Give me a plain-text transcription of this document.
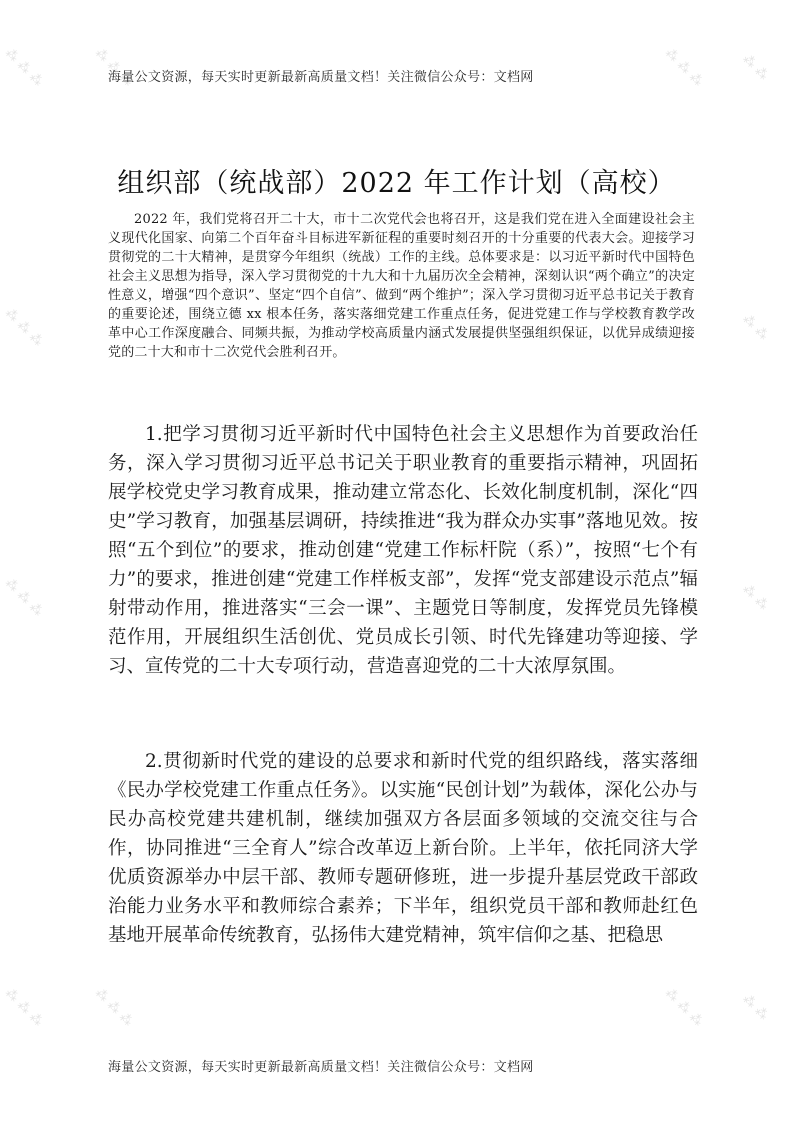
⁂ ⁂ ⁂	⁂ ⁂ ⁂	⁂ ⁂ ⁂	⁂ ⁂
⁂ ⁂ ⁂	⁂ ⁂
⁂ ⁂ ⁂	⁂ ⁂
⁂ ⁂ ⁂	⁂ ⁂ ⁂	⁂ ⁂ ⁂	⁂ ⁂
海量公文资源，每天实时更新最新高质量文档！关注微信公众号：文档网
组织部（统战部）2022 年工作计划（高校）

2022 年，我们党将召开二十大，市十二次党代会也将召开，这是我们党在进入全面建设社会主义现代化国家、向第二个百年奋斗目标进军新征程的重要时刻召开的十分重要的代表大会。迎接学习贯彻党的二十大精神，是贯穿今年组织（统战）工作的主线。总体要求是：以习近平新时代中国特色社会主义思想为指导，深入学习贯彻党的十九大和十九届历次全会精神，深刻认识“两个确立”的决定性意义，增强“四个意识”、坚定“四个自信”、做到“两个维护”；深入学习贯彻习近平总书记关于教育的重要论述，围绕立德 xx 根本任务，落实落细党建工作重点任务，促进党建工作与学校教育教学改革中心工作深度融合、同频共振，为推动学校高质量内涵式发展提供坚强组织保证，以优异成绩迎接党的二十大和市十二次党代会胜利召开。

1.把学习贯彻习近平新时代中国特色社会主义思想作为首要政治任务，深入学习贯彻习近平总书记关于职业教育的重要指示精神，巩固拓展学校党史学习教育成果，推动建立常态化、长效化制度机制，深化“四史”学习教育，加强基层调研，持续推进“我为群众办实事”落地见效。按照“五个到位”的要求，推动创建“党建工作标杆院（系）”，按照“七个有力”的要求，推进创建“党建工作样板支部”，发挥“党支部建设示范点”辐射带动作用，推进落实“三会一课”、主题党日等制度，发挥党员先锋模范作用，开展组织生活创优、党员成长引领、时代先锋建功等迎接、学习、宣传党的二十大专项行动，营造喜迎党的二十大浓厚氛围。

2.贯彻新时代党的建设的总要求和新时代党的组织路线，落实落细《民办学校党建工作重点任务》。以实施“民创计划”为载体，深化公办与民办高校党建共建机制，继续加强双方各层面多领域的交流交往与合作，协同推进“三全育人”综合改革迈上新台阶。上半年，依托同济大学优质资源举办中层干部、教师专题研修班，进一步提升基层党政干部政治能力业务水平和教师综合素养；下半年，组织党员干部和教师赴红色基地开展革命传统教育，弘扬伟大建党精神，筑牢信仰之基、把稳思

海量公文资源，每天实时更新最新高质量文档！关注微信公众号：文档网
